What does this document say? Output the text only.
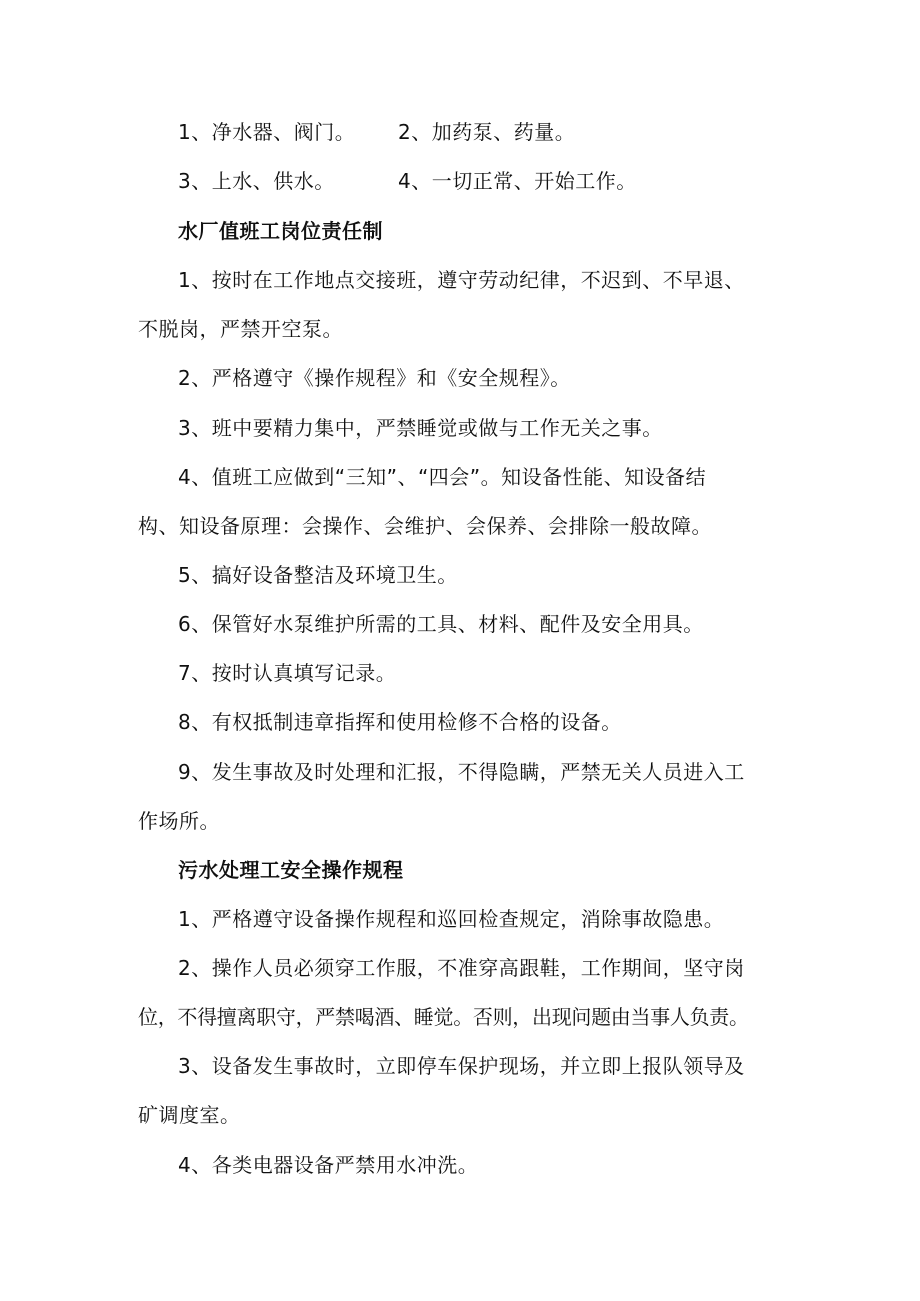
1、净水器、阀门。 2、加药泵、药量。
3、上水、供水。	4、一切正常、开始工作。
水厂值班工岗位责任制
1、按时在工作地点交接班，遵守劳动纪律，不迟到、不早退、
不脱岗，严禁开空泵。
2、严格遵守《操作规程》和《安全规程》。
3、班中要精力集中，严禁睡觉或做与工作无关之事。
4、值班工应做到“三知”、“四会”。知设备性能、知设备结
构、知设备原理：会操作、会维护、会保养、会排除一般故障。
5、搞好设备整洁及环境卫生。
6、保管好水泵维护所需的工具、材料、配件及安全用具。
7、按时认真填写记录。
8、有权抵制违章指挥和使用检修不合格的设备。
9、发生事故及时处理和汇报，不得隐瞒，严禁无关人员进入工
作场所。
污水处理工安全操作规程
1、严格遵守设备操作规程和巡回检查规定，消除事故隐患。
2、操作人员必须穿工作服，不准穿高跟鞋，工作期间，坚守岗
位，不得擅离职守，严禁喝酒、睡觉。否则，出现问题由当事人负责。
3、设备发生事故时，立即停车保护现场，并立即上报队领导及
矿调度室。
4、各类电器设备严禁用水冲洗。
